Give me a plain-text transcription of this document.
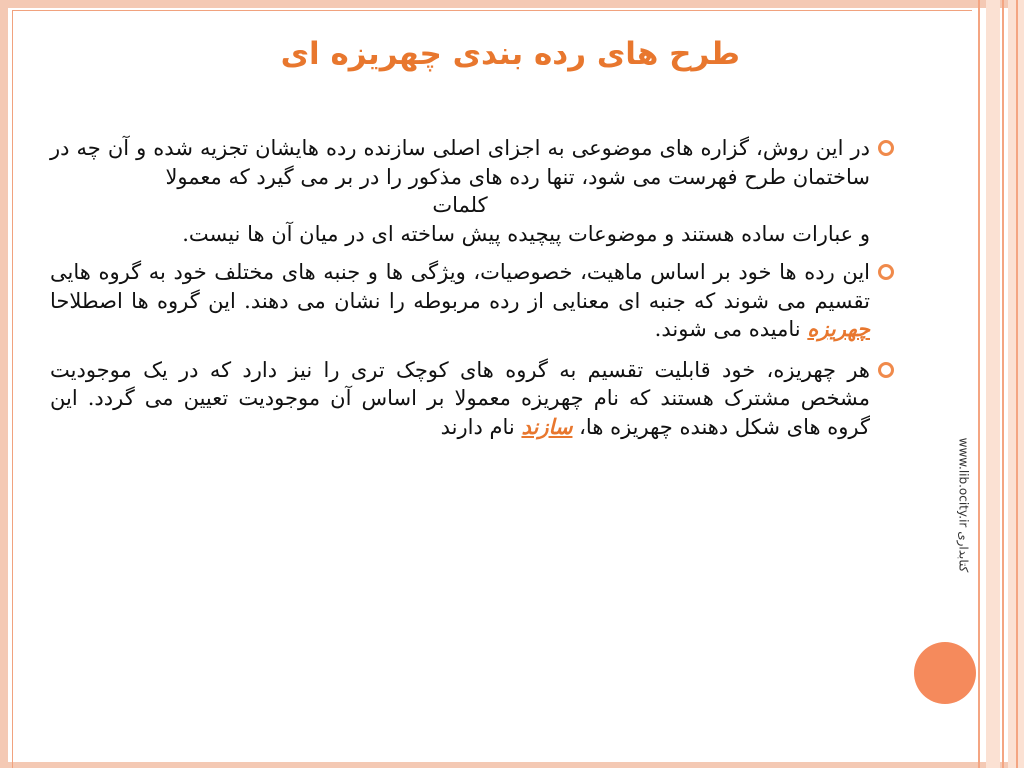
www.lib.ocity.ir کتابداری
طرح های رده بندی چهریزه ای
در این روش، گزاره های موضوعی به اجزای اصلی سازنده رده هایشان تجزیه شده و آن چه در ساختمان طرح فهرست می شود، تنها رده های مذکور را در بر می گیرد که معمولا
کلمات
و عبارات ساده هستند و موضوعات پیچیده پیش ساخته ای در میان آن ها نیست.
این رده ها خود بر اساس ماهیت، خصوصیات، ویژگی ها و جنبه های مختلف خود به گروه هایی تقسیم می شوند که جنبه ای معنایی از رده مربوطه را نشان می دهند. این گروه ها اصطلاحا چهریزه نامیده می شوند.
هر چهریزه، خود قابلیت تقسیم به گروه های کوچک تری را نیز دارد که در یک موجودیت مشخص مشترک هستند که نام چهریزه معمولا بر اساس آن موجودیت تعیین می گردد. این گروه های شکل دهنده چهریزه ها، سازند نام دارند
